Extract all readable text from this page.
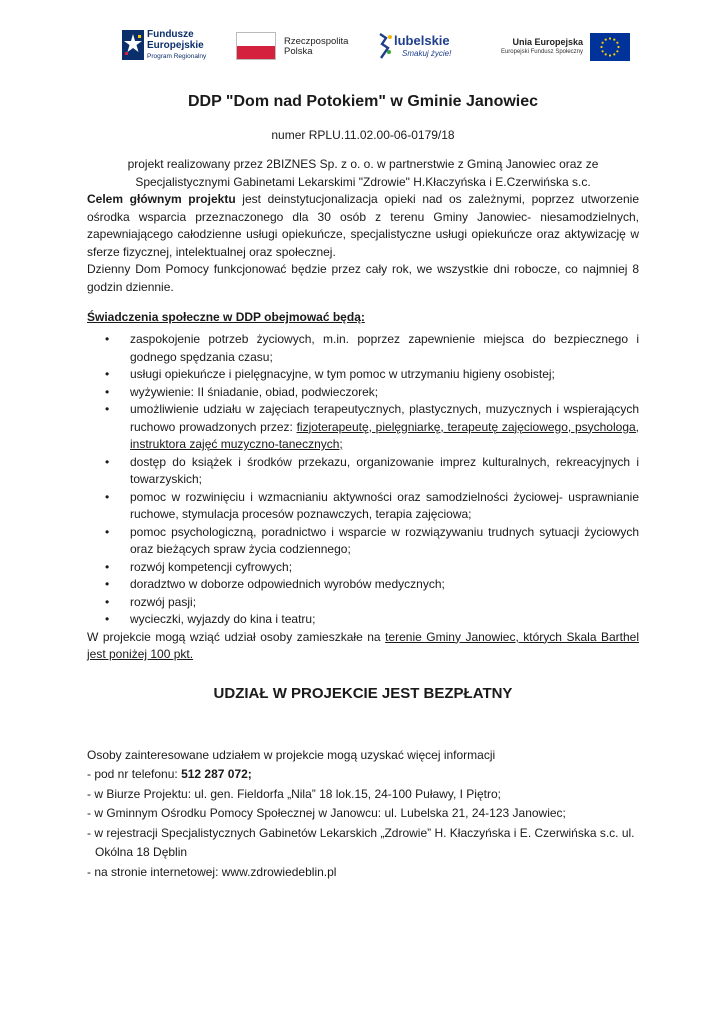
Fundusze
Europejskie
Program Regionalny
Rzeczpospolita
Polska
lubelskie
Smakuj życie!
Unia Europejska
Europejski Fundusz Społeczny
DDP "Dom nad Potokiem" w Gminie Janowiec

numer RPLU.11.02.00-06-0179/18

projekt realizowany przez 2BIZNES Sp. z o. o. w partnerstwie z Gminą Janowiec oraz ze

Specjalistycznymi Gabinetami Lekarskimi "Zdrowie" H.Kłaczyńska i E.Czerwińska s.c.

Celem głównym projektu jest deinstytucjonalizacja opieki nad os zależnymi, poprzez utworzenie ośrodka wsparcia przeznaczonego dla 30 osób z terenu Gminy Janowiec- niesamodzielnych, zapewniającego całodzienne usługi opiekuńcze, specjalistyczne usługi opiekuńcze oraz aktywizację w sferze fizycznej, intelektualnej oraz społecznej.

Dzienny Dom Pomocy funkcjonować będzie przez cały rok, we wszystkie dni robocze, co najmniej 8 godzin dziennie.

Świadczenia społeczne w DDP obejmować będą:
• zaspokojenie potrzeb życiowych, m.in. poprzez zapewnienie miejsca do bezpiecznego i godnego spędzania czasu;
• usługi opiekuńcze i pielęgnacyjne, w tym pomoc w utrzymaniu higieny osobistej;
• wyżywienie: II śniadanie, obiad, podwieczorek;
• umożliwienie udziału w zajęciach terapeutycznych, plastycznych, muzycznych i wspierających ruchowo prowadzonych przez: fizjoterapeutę, pielęgniarkę, terapeutę zajęciowego, psychologa, instruktora zajęć muzyczno-tanecznych;
• dostęp do książek i środków przekazu, organizowanie imprez kulturalnych, rekreacyjnych i towarzyskich;
• pomoc w rozwinięciu i wzmacnianiu aktywności oraz samodzielności życiowej- usprawnianie ruchowe, stymulacja procesów poznawczych, terapia zajęciowa;
• pomoc psychologiczną, poradnictwo i wsparcie w rozwiązywaniu trudnych sytuacji życiowych oraz bieżących spraw życia codziennego;
• rozwój kompetencji cyfrowych;
• doradztwo w doborze odpowiednich wyrobów medycznych;
• rozwój pasji;
• wycieczki, wyjazdy do kina i teatru;

W projekcie mogą wziąć udział osoby zamieszkałe na terenie Gminy Janowiec, których Skala Barthel jest poniżej 100 pkt.

UDZIAŁ W PROJEKCIE JEST BEZPŁATNY
Osoby zainteresowane udziałem w projekcie mogą uzyskać więcej informacji
- pod nr telefonu: 512 287 072;
- w Biurze Projektu: ul. gen. Fieldorfa „Nila” 18 lok.15, 24-100 Puławy, I Piętro;
- w Gminnym Ośrodku Pomocy Społecznej w Janowcu: ul. Lubelska 21, 24-123 Janowiec;
- w rejestracji Specjalistycznych Gabinetów Lekarskich „Zdrowie” H. Kłaczyńska i E. Czerwińska s.c. ul.
Okólna 18 Dęblin
- na stronie internetowej: www.zdrowiedeblin.pl
